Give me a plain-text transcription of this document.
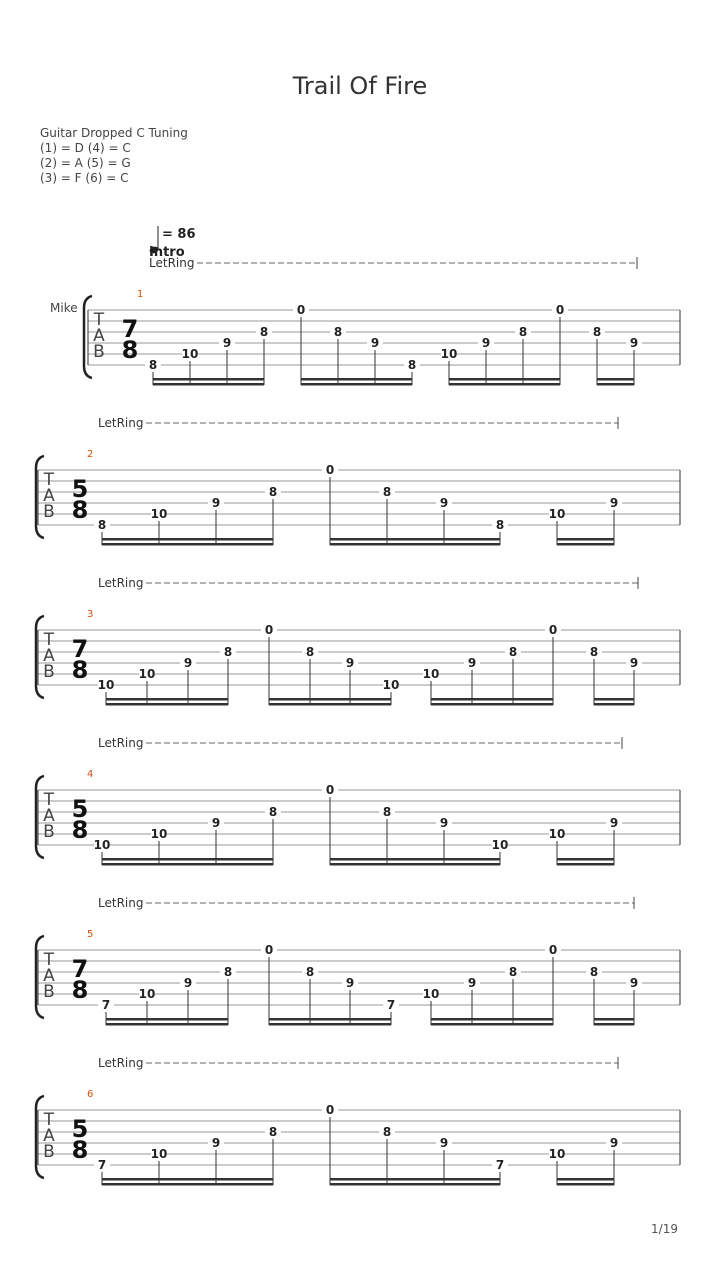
Trail Of Fire
Guitar Dropped C Tuning
(1) = D (4) = C
(2) = A (5) = G
(3) = F (6) = C
= 86
Intro
Mike
LetRing
T
A
B
7
8
1
8
10
9
8
0
8
9
8
10
9
8
0
8
9
LetRing
T
A
B
5
8
2
8
10
9
8
0
8
9
8
10
9
LetRing
T
A
B
7
8
3
10
10
9
8
0
8
9
10
10
9
8
0
8
9
LetRing
T
A
B
5
8
4
10
10
9
8
0
8
9
10
10
9
LetRing
T
A
B
7
8
5
7
10
9
8
0
8
9
7
10
9
8
0
8
9
LetRing
T
A
B
5
8
6
7
10
9
8
0
8
9
7
10
9
1/19
